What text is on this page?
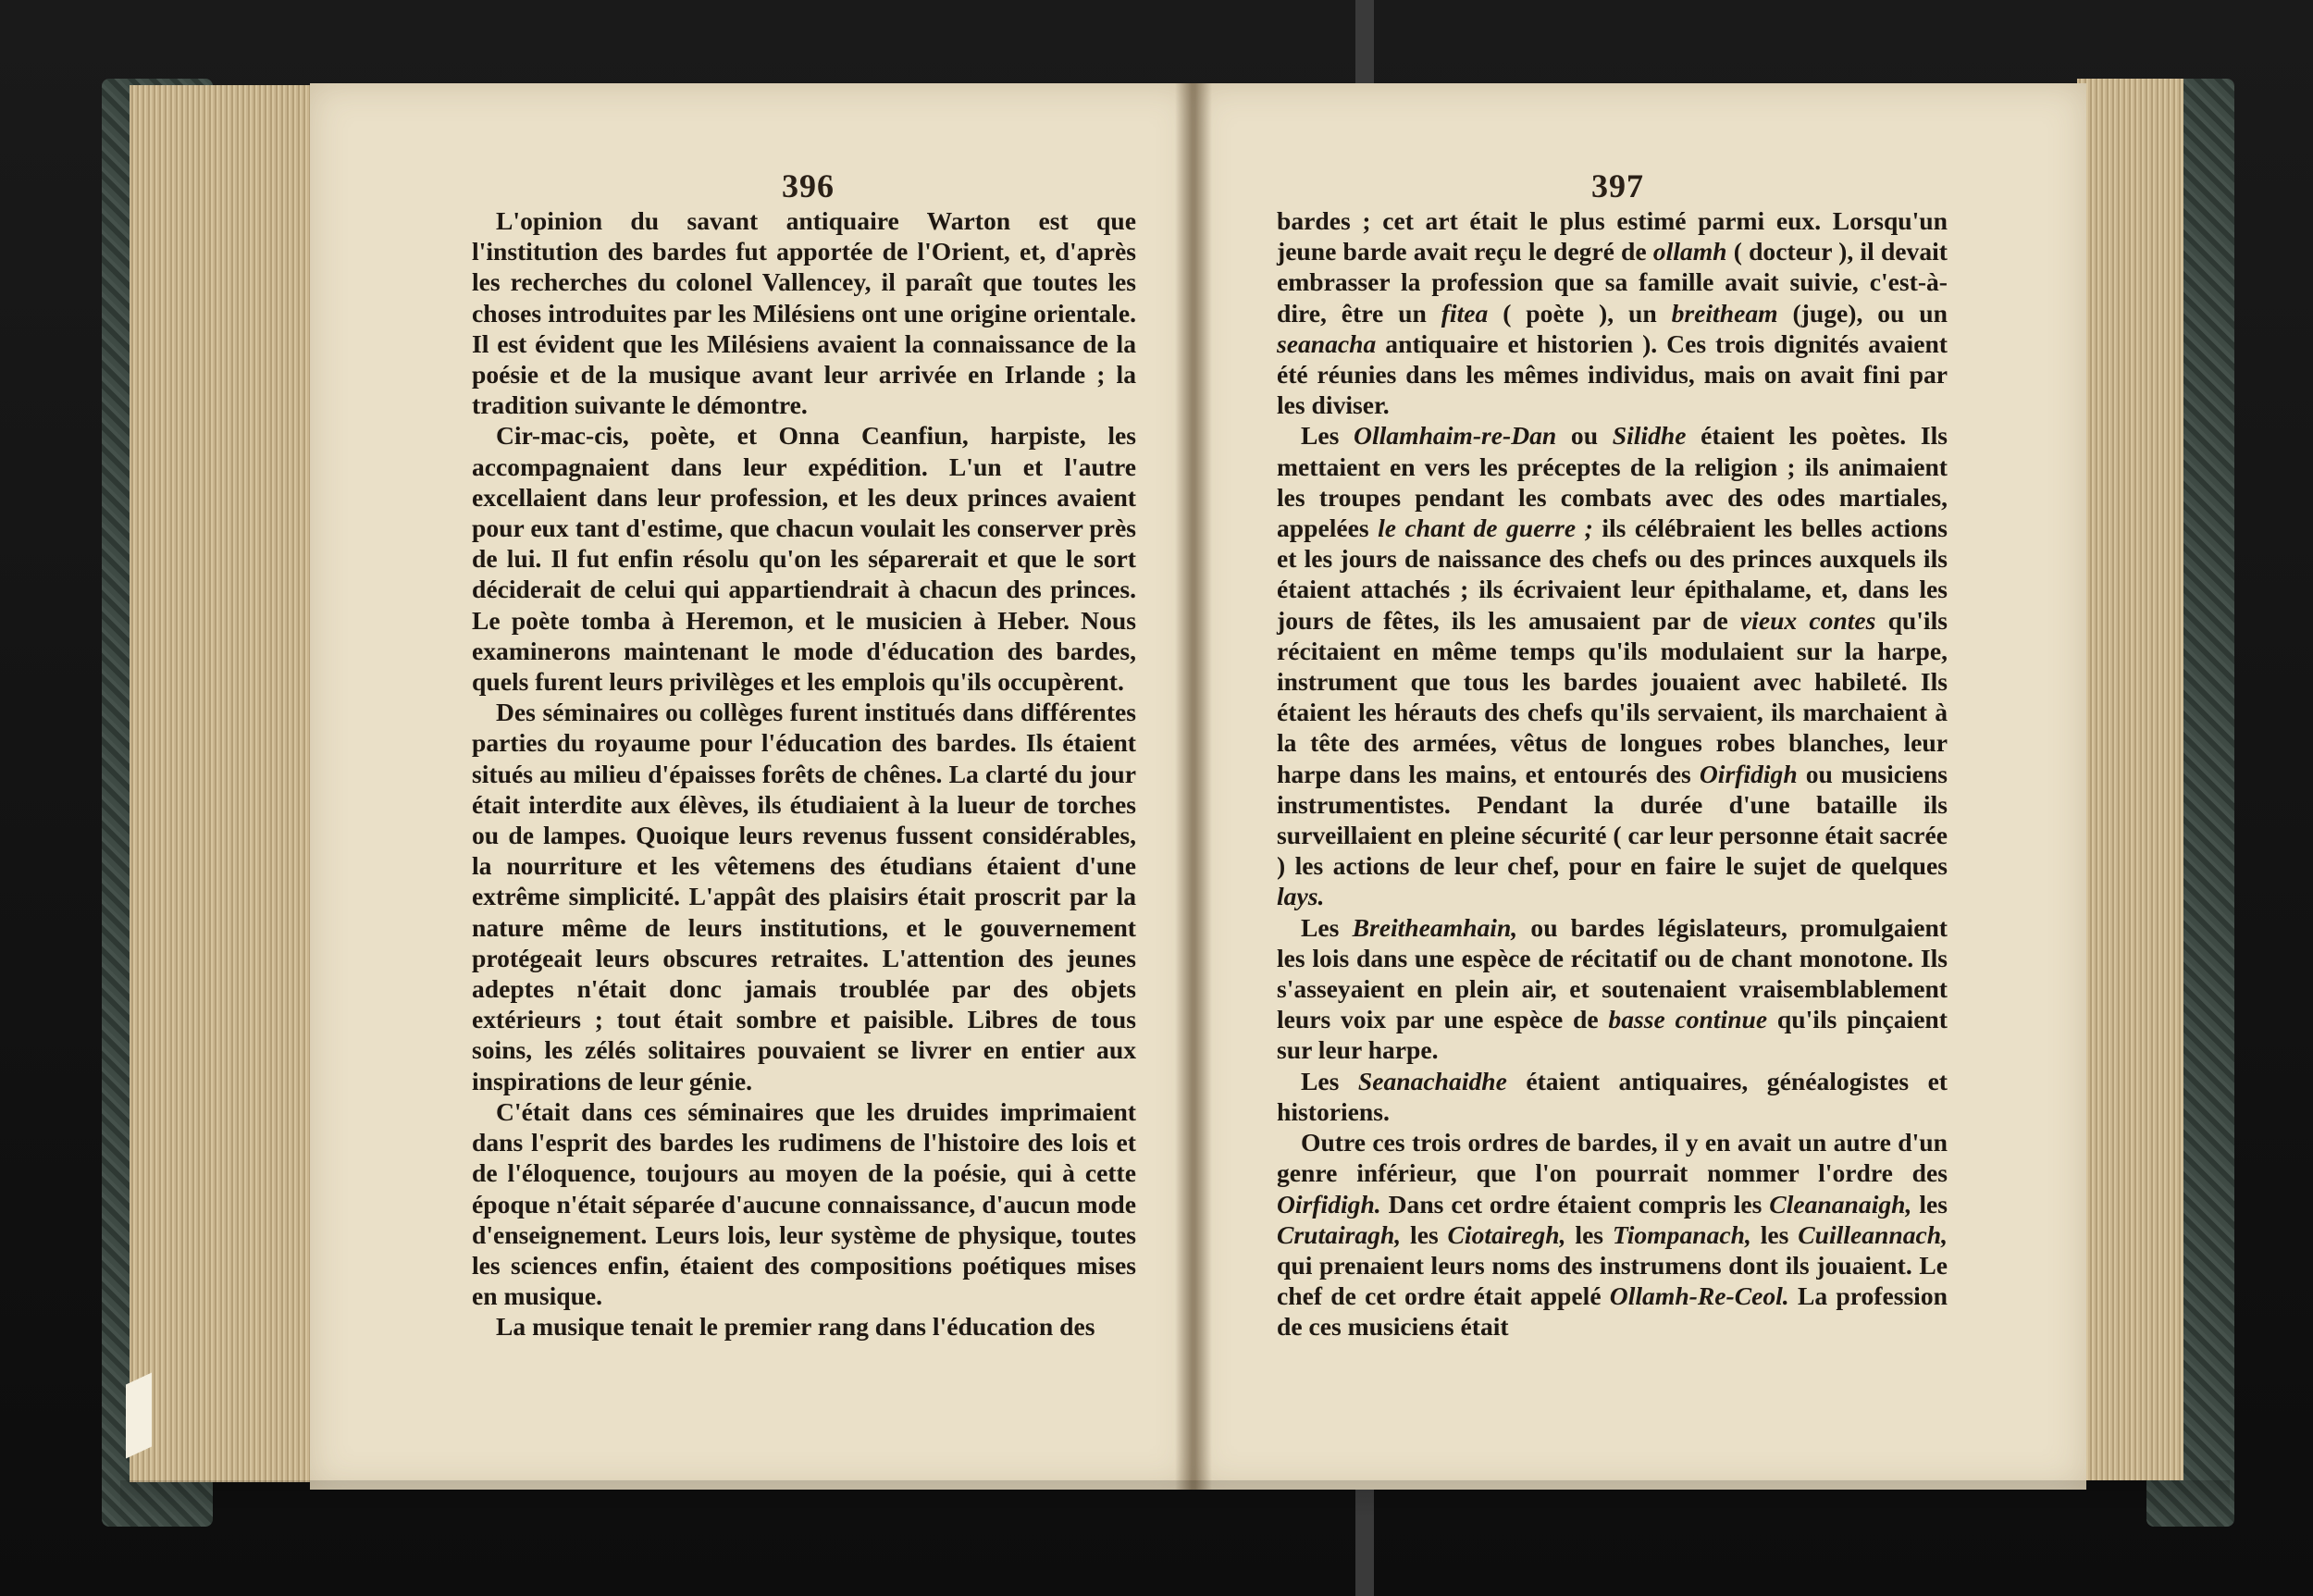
396

L'opinion du savant antiquaire Warton est que l'institution des bardes fut apportée de l'Orient, et, d'après les recherches du colonel Vallencey, il paraît que toutes les choses introduites par les Milésiens ont une origine orientale. Il est évident que les Milésiens avaient la connaissance de la poésie et de la musique avant leur arrivée en Irlande ; la tradition suivante le démontre.

Cir-mac-cis, poète, et Onna Ceanfiun, harpiste, les accompagnaient dans leur expédition. L'un et l'autre excellaient dans leur profession, et les deux princes avaient pour eux tant d'estime, que chacun voulait les conserver près de lui. Il fut enfin résolu qu'on les séparerait et que le sort déciderait de celui qui appartiendrait à chacun des princes. Le poète tomba à Heremon, et le musicien à Heber. Nous examinerons maintenant le mode d'éducation des bardes, quels furent leurs privilèges et les emplois qu'ils occupèrent.

Des séminaires ou collèges furent institués dans différentes parties du royaume pour l'éducation des bardes. Ils étaient situés au milieu d'épaisses forêts de chênes. La clarté du jour était interdite aux élèves, ils étudiaient à la lueur de torches ou de lampes. Quoique leurs revenus fussent considérables, la nourriture et les vêtemens des étudians étaient d'une extrême simplicité. L'appât des plaisirs était proscrit par la nature même de leurs institutions, et le gouvernement protégeait leurs obscures retraites. L'attention des jeunes adeptes n'était donc jamais troublée par des objets extérieurs ; tout était sombre et paisible. Libres de tous soins, les zélés solitaires pouvaient se livrer en entier aux inspirations de leur génie.

C'était dans ces séminaires que les druides imprimaient dans l'esprit des bardes les rudimens de l'histoire des lois et de l'éloquence, toujours au moyen de la poésie, qui à cette époque n'était séparée d'aucune connaissance, d'aucun mode d'enseignement. Leurs lois, leur système de physique, toutes les sciences enfin, étaient des compositions poétiques mises en musique.

La musique tenait le premier rang dans l'éducation des

397

bardes ; cet art était le plus estimé parmi eux. Lorsqu'un jeune barde avait reçu le degré de ollamh ( docteur ), il devait embrasser la profession que sa famille avait suivie, c'est-à-dire, être un fitea ( poète ), un breitheam (juge), ou un seanacha antiquaire et historien ). Ces trois dignités avaient été réunies dans les mêmes individus, mais on avait fini par les diviser.

Les Ollamhaim-re-Dan ou Silidhe étaient les poètes. Ils mettaient en vers les préceptes de la religion ; ils animaient les troupes pendant les combats avec des odes martiales, appelées le chant de guerre ; ils célébraient les belles actions et les jours de naissance des chefs ou des princes auxquels ils étaient attachés ; ils écrivaient leur épithalame, et, dans les jours de fêtes, ils les amusaient par de vieux contes qu'ils récitaient en même temps qu'ils modulaient sur la harpe, instrument que tous les bardes jouaient avec habileté. Ils étaient les hérauts des chefs qu'ils servaient, ils marchaient à la tête des armées, vêtus de longues robes blanches, leur harpe dans les mains, et entourés des Oirfidigh ou musiciens instrumentistes. Pendant la durée d'une bataille ils surveillaient en pleine sécurité ( car leur personne était sacrée ) les actions de leur chef, pour en faire le sujet de quelques lays.

Les Breitheamhain, ou bardes législateurs, promulgaient les lois dans une espèce de récitatif ou de chant monotone. Ils s'asseyaient en plein air, et soutenaient vraisemblablement leurs voix par une espèce de basse continue qu'ils pinçaient sur leur harpe.

Les Seanachaidhe étaient antiquaires, généalogistes et historiens.

Outre ces trois ordres de bardes, il y en avait un autre d'un genre inférieur, que l'on pourrait nommer l'ordre des Oirfidigh. Dans cet ordre étaient compris les Cleananaigh, les Crutairagh, les Ciotairegh, les Tiompanach, les Cuilleannach, qui prenaient leurs noms des instrumens dont ils jouaient. Le chef de cet ordre était appelé Ollamh-Re-Ceol. La profession de ces musiciens était
